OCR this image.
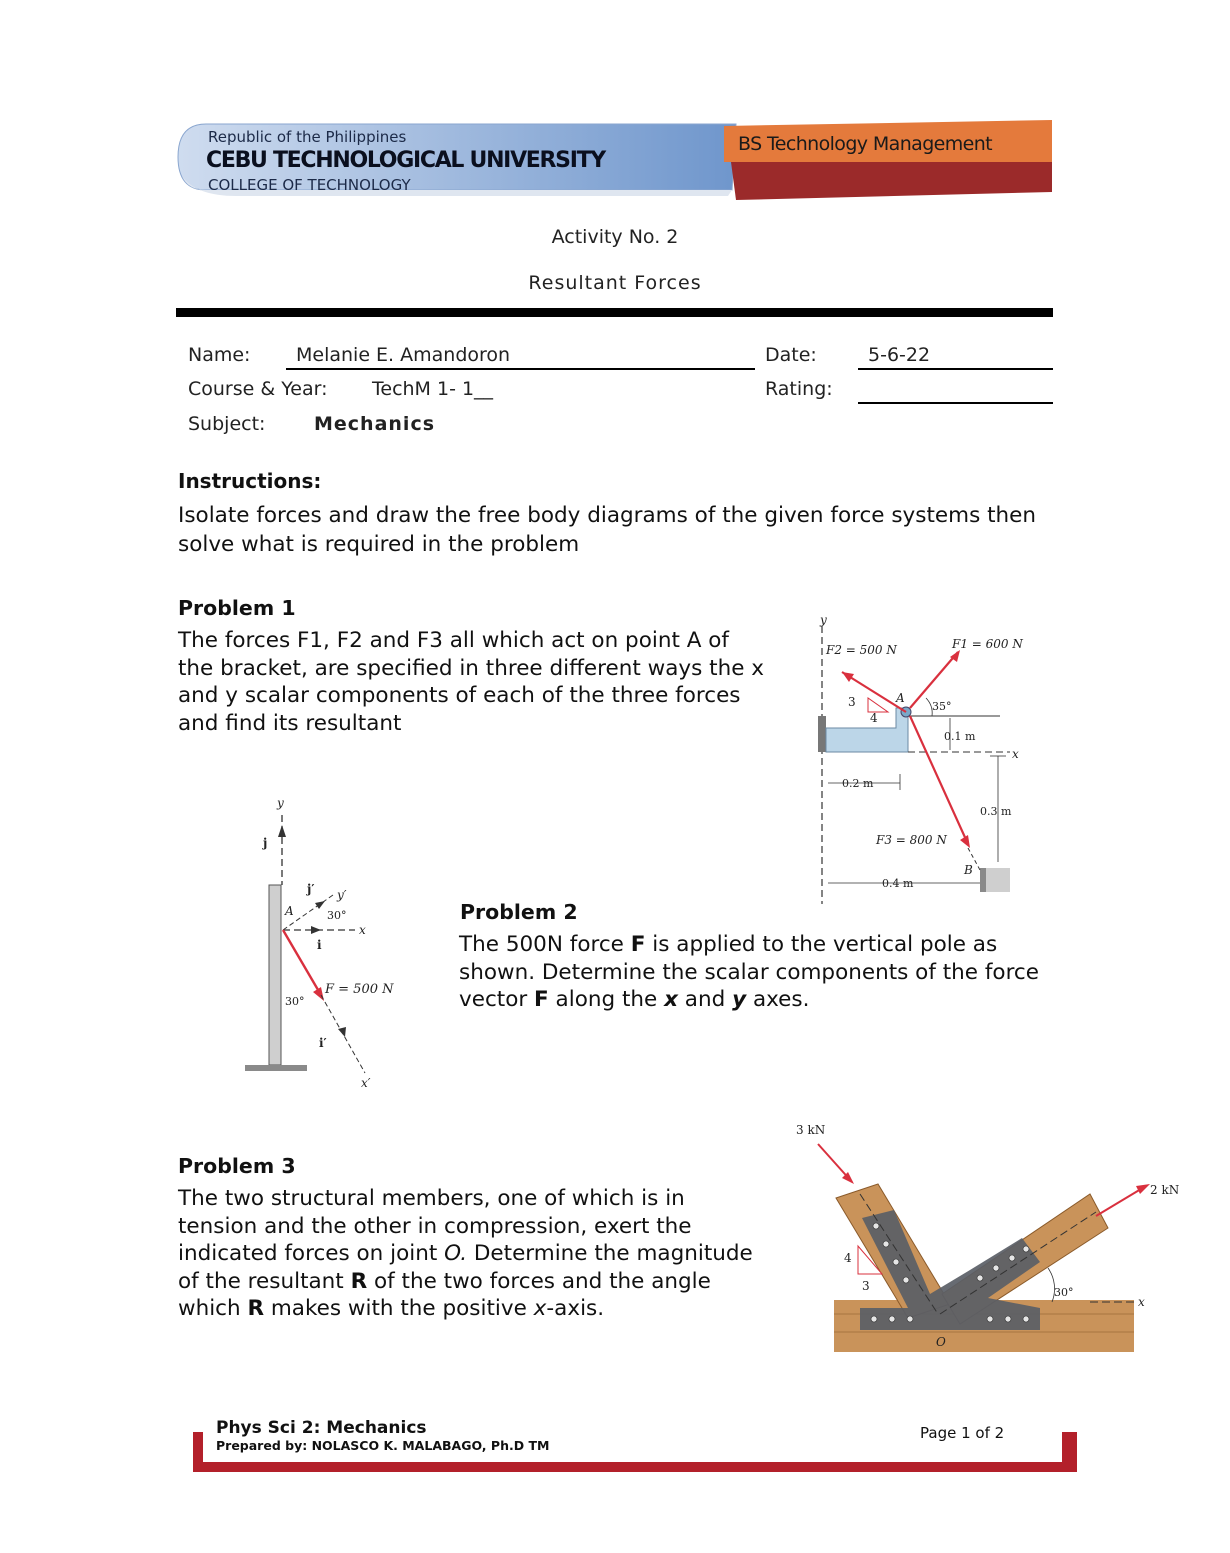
Republic of the Philippines
CEBU TECHNOLOGICAL UNIVERSITY
COLLEGE OF TECHNOLOGY
BS Technology Management
Activity No. 2
Resultant Forces
Name: Melanie E. Amandoron	Date:	5-6-22
Course & Year: TechM 1- 1__	Rating:
Subject:	Mechanics
Instructions:
Isolate forces and draw the free body diagrams of the given force systems then solve what is required in the problem
Problem 1
The forces F1, F2 and F3 all which act on point A of the bracket, are specified in three different ways the x and y scalar components of each of the three forces and find its resultant
y
F2 = 500 N	F1 = 600 N
3
4
A
35°
0.1 m
x
0.2 m
0.3 m
F3 = 800 N
B
0.4 m
y
j
j′ y′
A	30°
x
i
F = 500 N
30°
i′
x′
Problem 2
The 500N force F is applied to the vertical pole as shown. Determine the scalar components of the force vector F along the x and y axes.
Problem 3
The two structural members, one of which is in tension and the other in compression, exert the indicated forces on joint O. Determine the magnitude of the resultant R of the two forces and the angle which R makes with the positive x-axis.
3 kN
2 kN
4
3	30°
x
O
Phys Sci 2: Mechanics
Prepared by: NOLASCO K. MALABAGO, Ph.D TM
Page 1 of 2
